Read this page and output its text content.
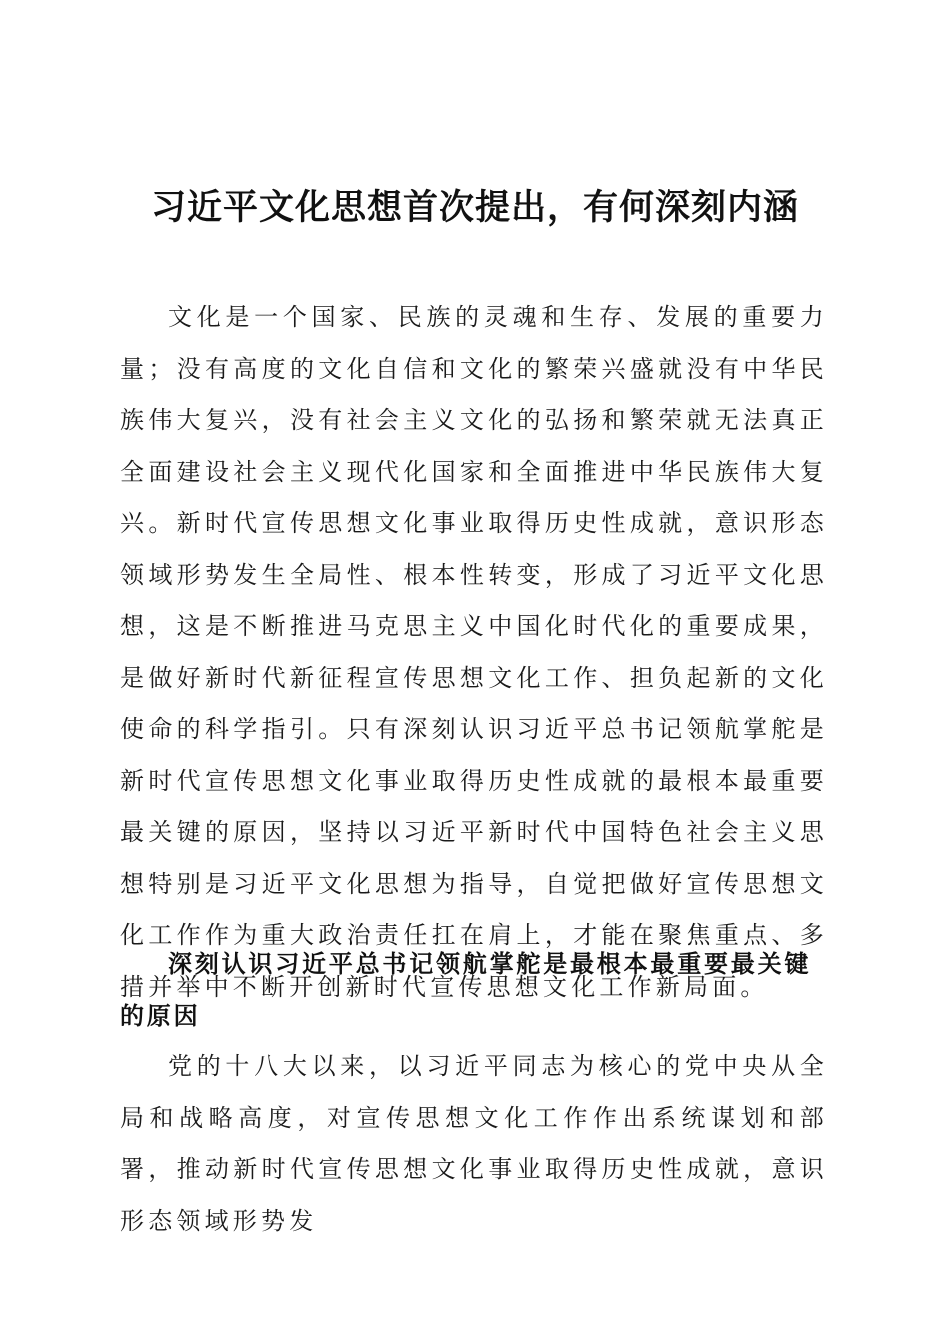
习近平文化思想首次提出，有何深刻内涵

文化是一个国家、民族的灵魂和生存、发展的重要力量；没有高度的文化自信和文化的繁荣兴盛就没有中华民族伟大复兴，没有社会主义文化的弘扬和繁荣就无法真正全面建设社会主义现代化国家和全面推进中华民族伟大复兴。新时代宣传思想文化事业取得历史性成就，意识形态领域形势发生全局性、根本性转变，形成了习近平文化思想，这是不断推进马克思主义中国化时代化的重要成果，是做好新时代新征程宣传思想文化工作、担负起新的文化使命的科学指引。只有深刻认识习近平总书记领航掌舵是新时代宣传思想文化事业取得历史性成就的最根本最重要最关键的原因，坚持以习近平新时代中国特色社会主义思想特别是习近平文化思想为指导，自觉把做好宣传思想文化工作作为重大政治责任扛在肩上，才能在聚焦重点、多措并举中不断开创新时代宣传思想文化工作新局面。

深刻认识习近平总书记领航掌舵是最根本最重要最关键的原因

党的十八大以来，以习近平同志为核心的党中央从全局和战略高度，对宣传思想文化工作作出系统谋划和部署，推动新时代宣传思想文化事业取得历史性成就，意识形态领域形势发
